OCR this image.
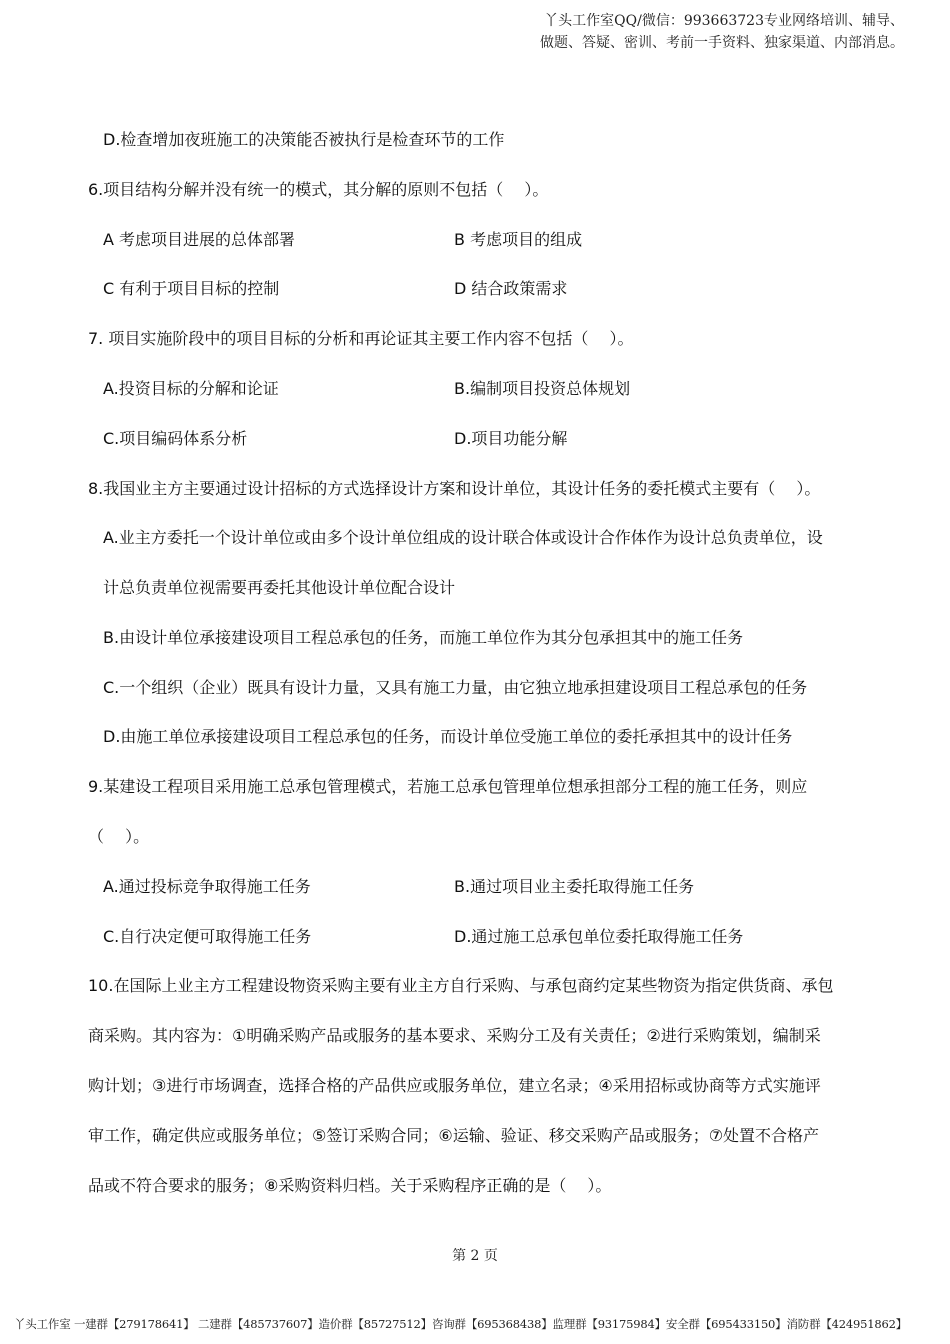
丫头工作室QQ/微信：993663723专业网络培训、辅导、
做题、答疑、密训、考前一手资料、独家渠道、内部消息。
D.检查增加夜班施工的决策能否被执行是检查环节的工作
6.项目结构分解并没有统一的模式，其分解的原则不包括（　 ）。
A 考虑项目进展的总体部署	B 考虑项目的组成
C 有利于项目目标的控制	D 结合政策需求
7. 项目实施阶段中的项目目标的分析和再论证其主要工作内容不包括（　 ）。
A.投资目标的分解和论证	B.编制项目投资总体规划
C.项目编码体系分析	D.项目功能分解
8.我国业主方主要通过设计招标的方式选择设计方案和设计单位，其设计任务的委托模式主要有（　 ）。
A.业主方委托一个设计单位或由多个设计单位组成的设计联合体或设计合作体作为设计总负责单位，设
计总负责单位视需要再委托其他设计单位配合设计
B.由设计单位承接建设项目工程总承包的任务，而施工单位作为其分包承担其中的施工任务
C.一个组织（企业）既具有设计力量，又具有施工力量，由它独立地承担建设项目工程总承包的任务
D.由施工单位承接建设项目工程总承包的任务，而设计单位受施工单位的委托承担其中的设计任务
9.某建设工程项目采用施工总承包管理模式，若施工总承包管理单位想承担部分工程的施工任务，则应
（　 ）。
A.通过投标竞争取得施工任务	B.通过项目业主委托取得施工任务
C.自行决定便可取得施工任务	D.通过施工总承包单位委托取得施工任务
10.在国际上业主方工程建设物资采购主要有业主方自行采购、与承包商约定某些物资为指定供货商、承包
商采购。其内容为：①明确采购产品或服务的基本要求、采购分工及有关责任；②进行采购策划，编制采
购计划；③进行市场调查，选择合格的产品供应或服务单位，建立名录；④采用招标或协商等方式实施评
审工作，确定供应或服务单位；⑤签订采购合同；⑥运输、验证、移交采购产品或服务；⑦处置不合格产
品或不符合要求的服务；⑧采购资料归档。关于采购程序正确的是（　 ）。
第 2 页
丫头工作室 一建群【279178641】 二建群【485737607】造价群【85727512】咨询群【695368438】监理群【93175984】安全群【695433150】消防群【424951862】
